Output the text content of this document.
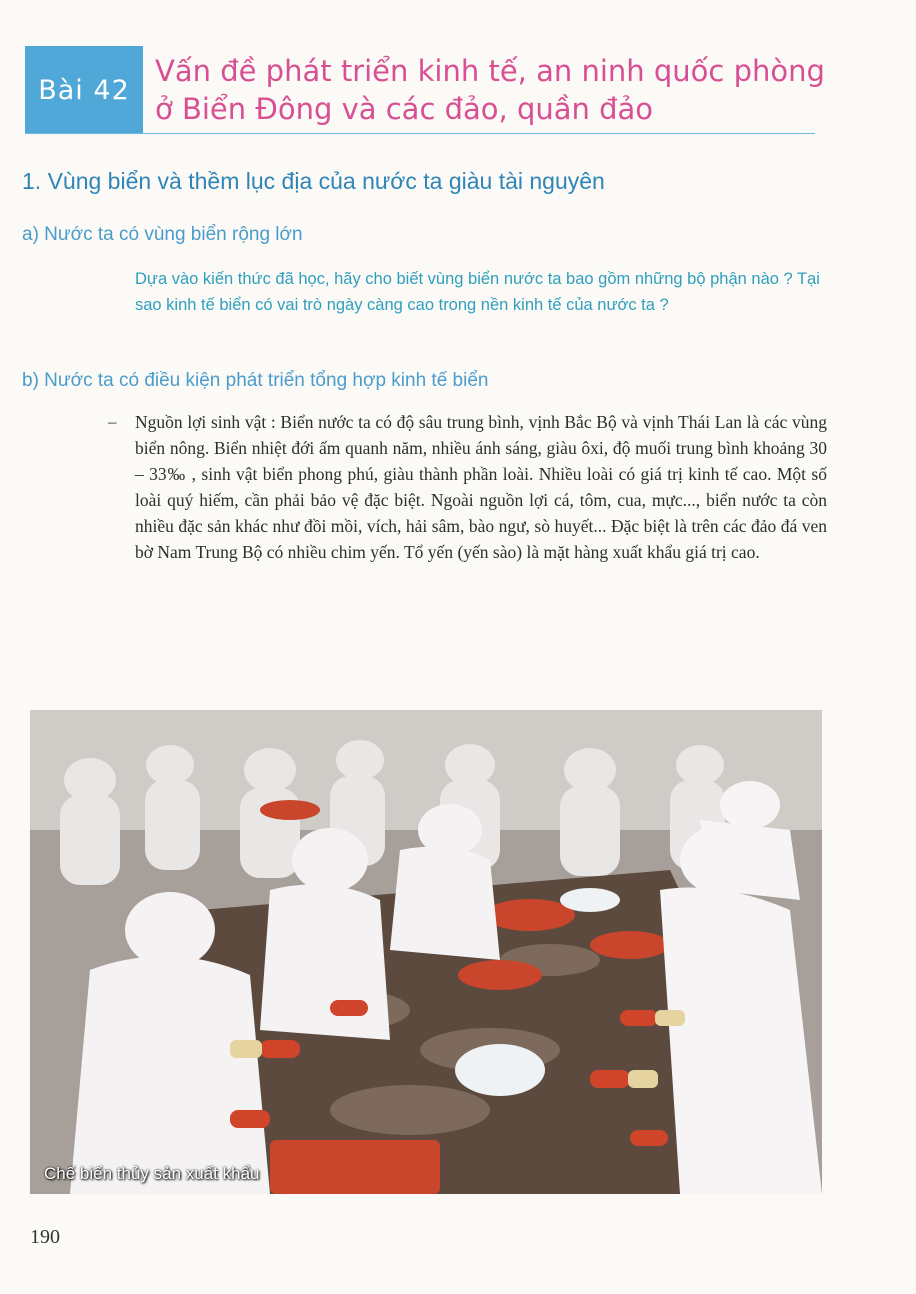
Bài 42
Vấn đề phát triển kinh tế, an ninh quốc phòng
ở Biển Đông và các đảo, quần đảo
1. Vùng biển và thềm lục địa của nước ta giàu tài nguyên
a) Nước ta có vùng biển rộng lớn
Dựa vào kiến thức đã học, hãy cho biết vùng biển nước ta bao gồm những bộ phận nào ? Tại sao kinh tế biển có vai trò ngày càng cao trong nền kinh tế của nước ta ?
b) Nước ta có điều kiện phát triển tổng hợp kinh tế biển
– Nguồn lợi sinh vật : Biển nước ta có độ sâu trung bình, vịnh Bắc Bộ và vịnh Thái Lan là các vùng biển nông. Biển nhiệt đới ấm quanh năm, nhiều ánh sáng, giàu ôxi, độ muối trung bình khoảng 30 – 33‰ , sinh vật biển phong phú, giàu thành phần loài. Nhiều loài có giá trị kinh tế cao. Một số loài quý hiếm, cần phải bảo vệ đặc biệt. Ngoài nguồn lợi cá, tôm, cua, mực..., biển nước ta còn nhiều đặc sản khác như đồi mồi, vích, hải sâm, bào ngư, sò huyết... Đặc biệt là trên các đảo đá ven bờ Nam Trung Bộ có nhiều chim yến. Tổ yến (yến sào) là mặt hàng xuất khẩu giá trị cao.
Chế biến thủy sản xuất khẩu
190
